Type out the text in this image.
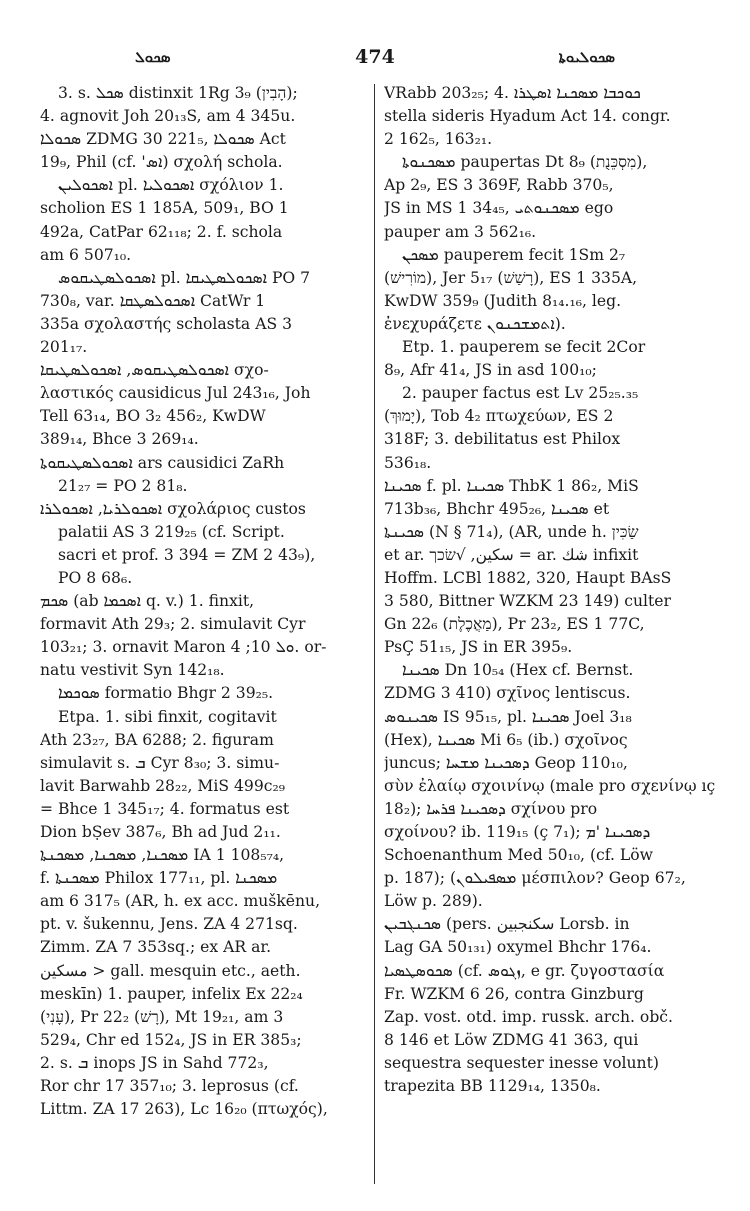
ܣܟܘܠ	474	ܣܟܘܠܝܘܬܐ
3. s. ܣܟܠ distinxit 1Rg 3₉ (הָבִין);
4. agnovit Joh 20₁₃S, am 4 345u.
ܣܟܘܠܐ ZDMG 30 221₅, ܣܟܘܠܐ Act
19₉, Phil (cf. 'ܐܣ) σχολή schola.
ܐܣܟܘܠܝܢ pl. ܐܣܟܘܠܝܐ σχόλιον 1.
scholion ES 1 185A, 509₁, BO 1
492a, CatPar 62₁₁₈; 2. f. schola
am 6 507₁₀.
ܐܣܟܘܠܣܛܝܩܘܣ pl. ܐܣܟܘܠܣܛܝܩܐ PO 7
730₈, var. ܐܣܟܘܠܣܛܩܐ CatWr 1
335a σχολαστής scholasta AS 3
201₁₇.
ܐܣܟܘܠܣܛܝܩܘܣ, ܐܣܟܘܠܣܛܝܩܐ σχο-
λαστικός causidicus Jul 243₁₆, Joh
Tell 63₁₄, BO 3₂ 456₂, KwDW
389₁₄, Bhce 3 269₁₄.
ܐܣܟܘܠܣܛܝܩܘܬܐ ars causidici ZaRh
21₂₇ = PO 2 81₈.
ܐܣܟܘܠܪܝܐ, ܐܣܟܘܠܪܐ σχολάριος custos
palatii AS 3 219₂₅ (cf. Script.
sacri et prof. 3 394 = ZM 2 43₉),
PO 8 68₆.
ܣܟܡ (ab ܐܣܟܡܐ q. v.) 1. finxit,
formavit Ath 29₃; 2. simulavit Cyr
103₂₁; 3. ornavit Maron ܘܠ 10; 4. or-
natu vestivit Syn 142₁₈.
ܣܘܟܡܐ formatio Bhgr 2 39₂₅.
Etpa. 1. sibi finxit, cogitavit
Ath 23₂₇, BA 6288; 2. figuram
simulavit s. ܒ Cyr 8₃₀; 3. simu-
lavit Barwahb 28₂₂, MiS 499c₂₉
= Bhce 1 345₁₇; 4. formatus est
Dion bṢev 387₆, Bh ad Jud 2₁₁.
ܡܣܟܢܐ, ܡܣܟܢܐ, ܡܣܟܢܬܐ IA 1 108₅₇₄,
f. ܡܣܟܢܬܐ Philox 177₁₁, pl. ܡܣܟܢܐ
am 6 317₅ (AR, h. ex acc. muškēnu,
pt. v. šukennu, Jens. ZA 4 271sq.
Zimm. ZA 7 353sq.; ex AR ar.
مسكين > gall. mesquin etc., aeth.
meskīn) 1. pauper, infelix Ex 22₂₄
(עָנִי), Pr 22₂ (רָשׁ), Mt 19₂₁, am 3
529₄, Chr ed 152₄, JS in ER 385₃;
2. s. ܒ inops JS in Sahd 772₃,
Ror chr 17 357₁₀; 3. leprosus (cf.
Littm. ZA 17 263), Lc 16₂₀ (πτωχός),
VRabb 203₂₅; 4. ܟܘܟܒܐ ܡܣܟܢܐ ܐܣܛܪܐ
stella sideris Hyadum Act 14. congr.
2 162₅, 163₂₁.
ܡܣܟܢܘܬܐ paupertas Dt 8₉ (מִסְכֵּנֻת),
Ap 2₉, ES 3 369F, Rabb 370₅,
JS in MS 1 34₄₅, ܡܣܟܢܘܬܝ ego
pauper am 3 562₁₆.
ܡܣܟܢ pauperem fecit 1Sm 2₇
(מוֹרִישׁ), Jer 5₁₇ (רָשַׁשׁ), ES 1 335A,
KwDW 359₉ (Judith 8₁₄.₁₆, leg.
ἐνεχυράζετε ܐܬܡܫܟܢܘܢ).
Etp. 1. pauperem se fecit 2Cor
8₉, Afr 41₄, JS in asd 100₁₀;
2. pauper factus est Lv 25₂₅.₃₅
(יָמוּךְ), Tob 4₂ πτωχεύων, ES 2
318F; 3. debilitatus est Philox
536₁₈.
ܣܟܝܢܐ f. pl. ܣܟܝܢܐ ThbK 1 86₂, MiS
713b₃₆, Bhchr 495₂₆, ܣܟܝܢܐ et
ܣܟܝܢܬܐ (N § 71₄), (AR, unde h. שַׂכִּין
et ar. سكين, √שׂכך = ar. شك infixit
Hoffm. LCBl 1882, 320, Haupt BAsS
3 580, Bittner WZKM 23 149) culter
Gn 22₆ (מַאֲכֶלֶת), Pr 23₂, ES 1 77C,
PsÇ 51₁₅, JS in ER 395₉.
ܣܟܝܢܐ Dn 10₅₄ (Hex cf. Bernst.
ZDMG 3 410) σχῖνος lentiscus.
ܣܟܝܢܘܣ IS 95₁₅, pl. ܣܟܝܢܐ Joel 3₁₈
(Hex), ܣܟܝܢܐ Mi 6₅ (ib.) σχοῖνος
juncus; ܕܣܟܝܢܐ ܡܫܚܐ Geop 110₁₀,
σὺν ἐλαίῳ σχοινίνῳ (male pro σχενίνῳ ıç
18₂); ܕܣܟܝܢܐ ܦܪܚܐ σχίνου pro
σχοίνου? ib. 119₁₅ (ç 7₁); ܕܣܟܝܢܐ 'ܡ
Schoenanthum Med 50₁₀, (cf. Löw
p. 187); (ܡܣܦܝܠܘܢ μέσπιλον? Geop 67₂,
Löw p. 289).
ܣܟܢܓܒܝܢ (pers. سكنجبين Lorsb. in
Lag GA 50₁₃₁) oxymel Bhchr 176₄.
ܣܟܘܣܛܣܝܐ (cf. ܙܓܘܣ, e gr. ζυγοστασία
Fr. WZKM 6 26, contra Ginzburg
Zap. vost. otd. imp. russk. arch. obč.
8 146 et Löw ZDMG 41 363, qui
sequestra sequester inesse volunt)
trapezita BB 1129₁₄, 1350₈.
